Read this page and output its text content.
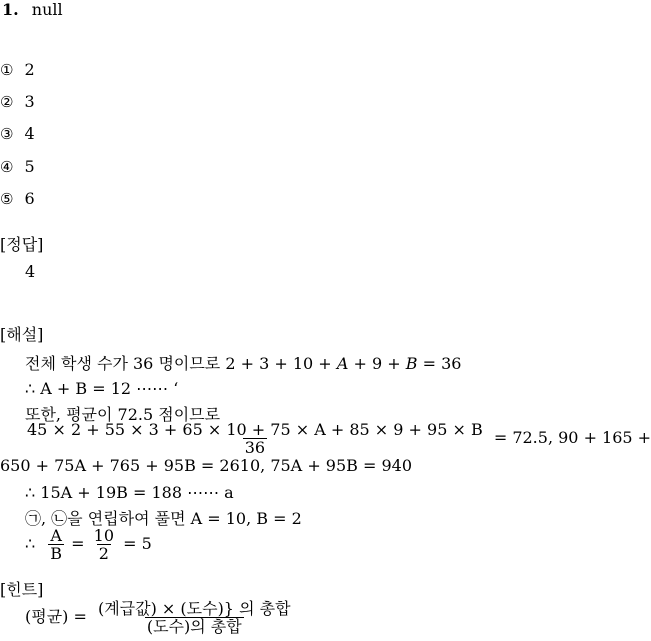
1. null
① 2
② 3
③ 4
④ 5
⑤ 6
[정답]
4
[해설]
전체 학생 수가 36 명이므로 2 + 3 + 10 + A + 9 + B = 36
∴ A + B = 12 ⋯⋯ ‘
또한, 평균이 72.5 점이므로
$\frac{45 \times 2 + 55 \times 3 + 65 \times 10 + 75 \times A + 85 \times 9 + 95 \times B}{36} = 72.5$, 90 + 165 +
650 + 75A + 765 + 95B = 2610, 75A + 95B = 940
∴ 15A + 19B = 188 ⋯⋯ a
㉠, ㉡을 연립하여 풀면 A = 10, B = 2
∴ $\frac{A}{B} = \frac{10}{2} = 5$
[힌트]
(평균) = $\frac{\text{(계급값) × (도수)\} 의 총합}}{\text{(도수)의 총합}}$
